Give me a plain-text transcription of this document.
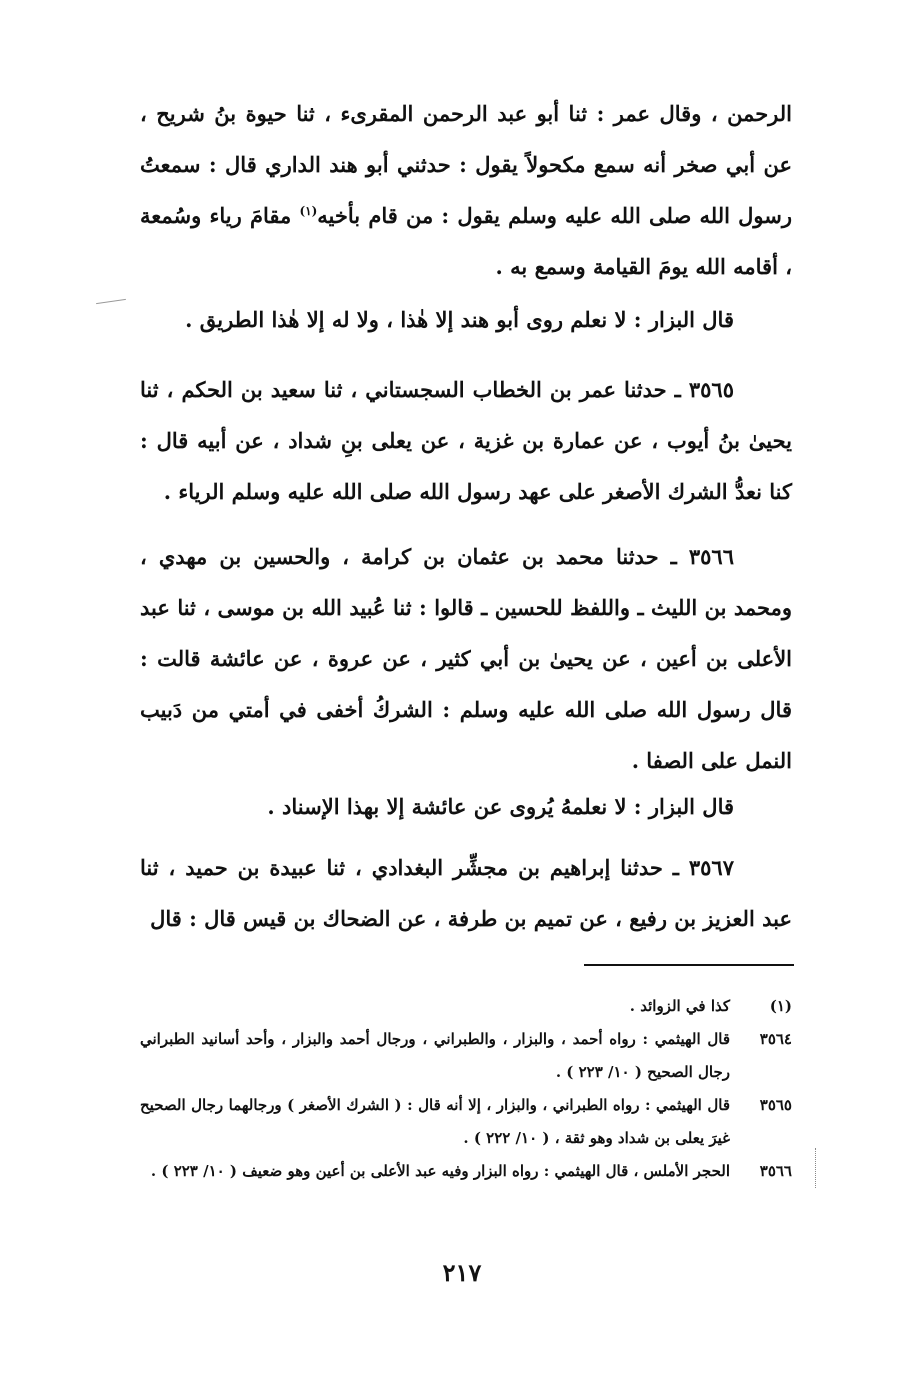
الرحمن ، وقال عمر : ثنا أبو عبد الرحمن المقرىء ، ثنا حيوة بنُ شريح ، عن أبي صخر أنه سمع مكحولاً يقول : حدثني أبو هند الداري قال : سمعتُ رسول الله صلى الله عليه وسلم يقول : من قام بأخيه$^{(١)}$ مقامَ رياء وسُمعة ، أقامه الله يومَ القيامة وسمع به .

قال البزار : لا نعلم روى أبو هند إلا هٰذا ، ولا له إلا هٰذا الطريق .

٣٥٦٥ ـ حدثنا عمر بن الخطاب السجستاني ، ثنا سعيد بن الحكم ، ثنا يحيىٰ بنُ أيوب ، عن عمارة بن غزية ، عن يعلى بنِ شداد ، عن أبيه قال : كنا نعدُّ الشرك الأصغر على عهد رسول الله صلى الله عليه وسلم الرياء .

٣٥٦٦ ـ حدثنا محمد بن عثمان بن كرامة ، والحسين بن مهدي ، ومحمد بن الليث ـ واللفظ للحسين ـ قالوا : ثنا عُبيد الله بن موسى ، ثنا عبد الأعلى بن أعين ، عن يحيىٰ بن أبي كثير ، عن عروة ، عن عائشة قالت : قال رسول الله صلى الله عليه وسلم : الشركُ أخفى في أمتي من دَبيب النمل على الصفا .

قال البزار : لا نعلمهُ يُروى عن عائشة إلا بهذا الإسناد .

٣٥٦٧ ـ حدثنا إبراهيم بن مجشِّر البغدادي ، ثنا عبيدة بن حميد ، ثنا عبد العزيز بن رفيع ، عن تميم بن طرفة ، عن الضحاك بن قيس قال : قال

(١)
كذا في الزوائد .
٣٥٦٤
قال الهيثمي : رواه أحمد ، والبزار ، والطبراني ، ورجال أحمد والبزار ، وأحد أسانيد الطبراني رجال الصحيح ( ١٠/ ٢٢٣ ) .
٣٥٦٥
قال الهيثمي : رواه الطبراني ، والبزار ، إلا أنه قال : ( الشرك الأصغر ) ورجالهما رجال الصحيح غيرَ يعلى بن شداد وهو ثقة ، ( ١٠/ ٢٢٢ ) .
٣٥٦٦
الحجر الأملس ، قال الهيثمي : رواه البزار وفيه عبد الأعلى بن أعين وهو ضعيف ( ١٠/ ٢٢٣ ) .
٢١٧
